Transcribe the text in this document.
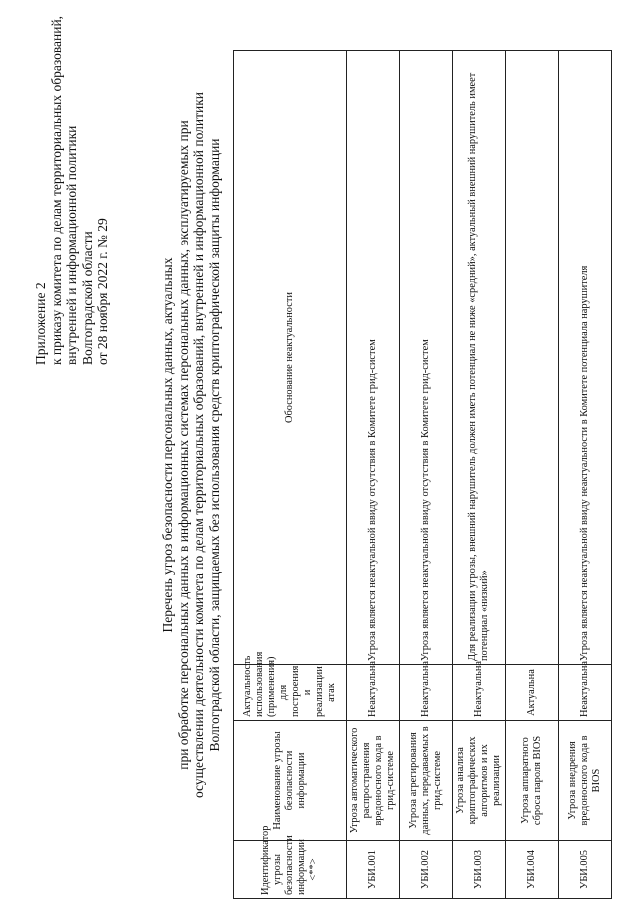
Приложение 2 к приказу комитета по делам территориальных образований, внутренней и информационной политики Волгоградской области от 28 ноября 2022 г. № 29	Перечень угроз безопасности персональных данных, актуальных при обработке персональных данных в информационных системах персональных данных, эксплуатируемых при осуществлении деятельности комитета по делам территориальных образований, внутренней и информационной политики Волгоградской области, защищаемых без использования средств криптографической защиты информации
Идентификатор угрозы безопасности информации <**>	Наименование угрозы безопасности информации	Актуальность использования (применения) для построения и реализации атак	Обоснование неактуальности
УБИ.001	Угроза автоматического распространения вредоносного кода в грид-системе	Неактуальна	Угроза является неактуальной ввиду отсутствия в Комитете грид-систем
УБИ.002	Угроза агрегирования данных, передаваемых в грид-системе	Неактуальна	Угроза является неактуальной ввиду отсутствия в Комитете грид-систем
УБИ.003	Угроза анализа криптографических алгоритмов и их реализации	Неактуальна	Для реализации угрозы, внешний нарушитель должен иметь потенциал не ниже «средний», актуальный внешний нарушитель имеет потенциал «низкий»
УБИ.004	Угроза аппаратного сброса пароля BIOS	Актуальна	
УБИ.005	Угроза внедрения вредоносного кода в BIOS	Неактуальна	Угроза является неактуальной ввиду неактуальности в Комитете потенциала нарушителя
